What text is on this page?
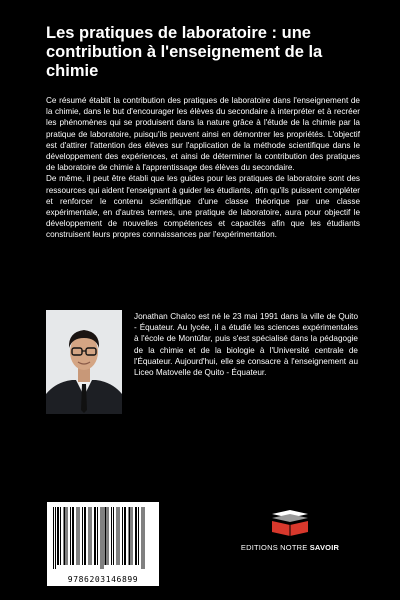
Les pratiques de laboratoire : une contribution à l'enseignement de la chimie

Ce résumé établit la contribution des pratiques de laboratoire dans l'enseignement de la chimie, dans le but d'encourager les élèves du secondaire à interpréter et à recréer les phénomènes qui se produisent dans la nature grâce à l'étude de la chimie par la pratique de laboratoire, puisqu'ils peuvent ainsi en démontrer les propriétés. L'objectif est d'attirer l'attention des élèves sur l'application de la méthode scientifique dans le développement des expériences, et ainsi de déterminer la contribution des pratiques de laboratoire de chimie à l'apprentissage des élèves du secondaire.

De même, il peut être établi que les guides pour les pratiques de laboratoire sont des ressources qui aident l'enseignant à guider les étudiants, afin qu'ils puissent compléter et renforcer le contenu scientifique d'une classe théorique par une classe expérimentale, en d'autres termes, une pratique de laboratoire, aura pour objectif le développement de nouvelles compétences et capacités afin que les étudiants construisent leurs propres connaissances par l'expérimentation.

Jonathan Chalco est né le 23 mai 1991 dans la ville de Quito - Équateur. Au lycée, il a étudié les sciences expérimentales à l'école de Montúfar, puis s'est spécialisé dans la pédagogie de la chimie et de la biologie à l'Université centrale de l'Équateur. Aujourd'hui, elle se consacre à l'enseignement au Liceo Matovelle de Quito - Équateur.

EDITIONS NOTRE SAVOIR
9786203146899
